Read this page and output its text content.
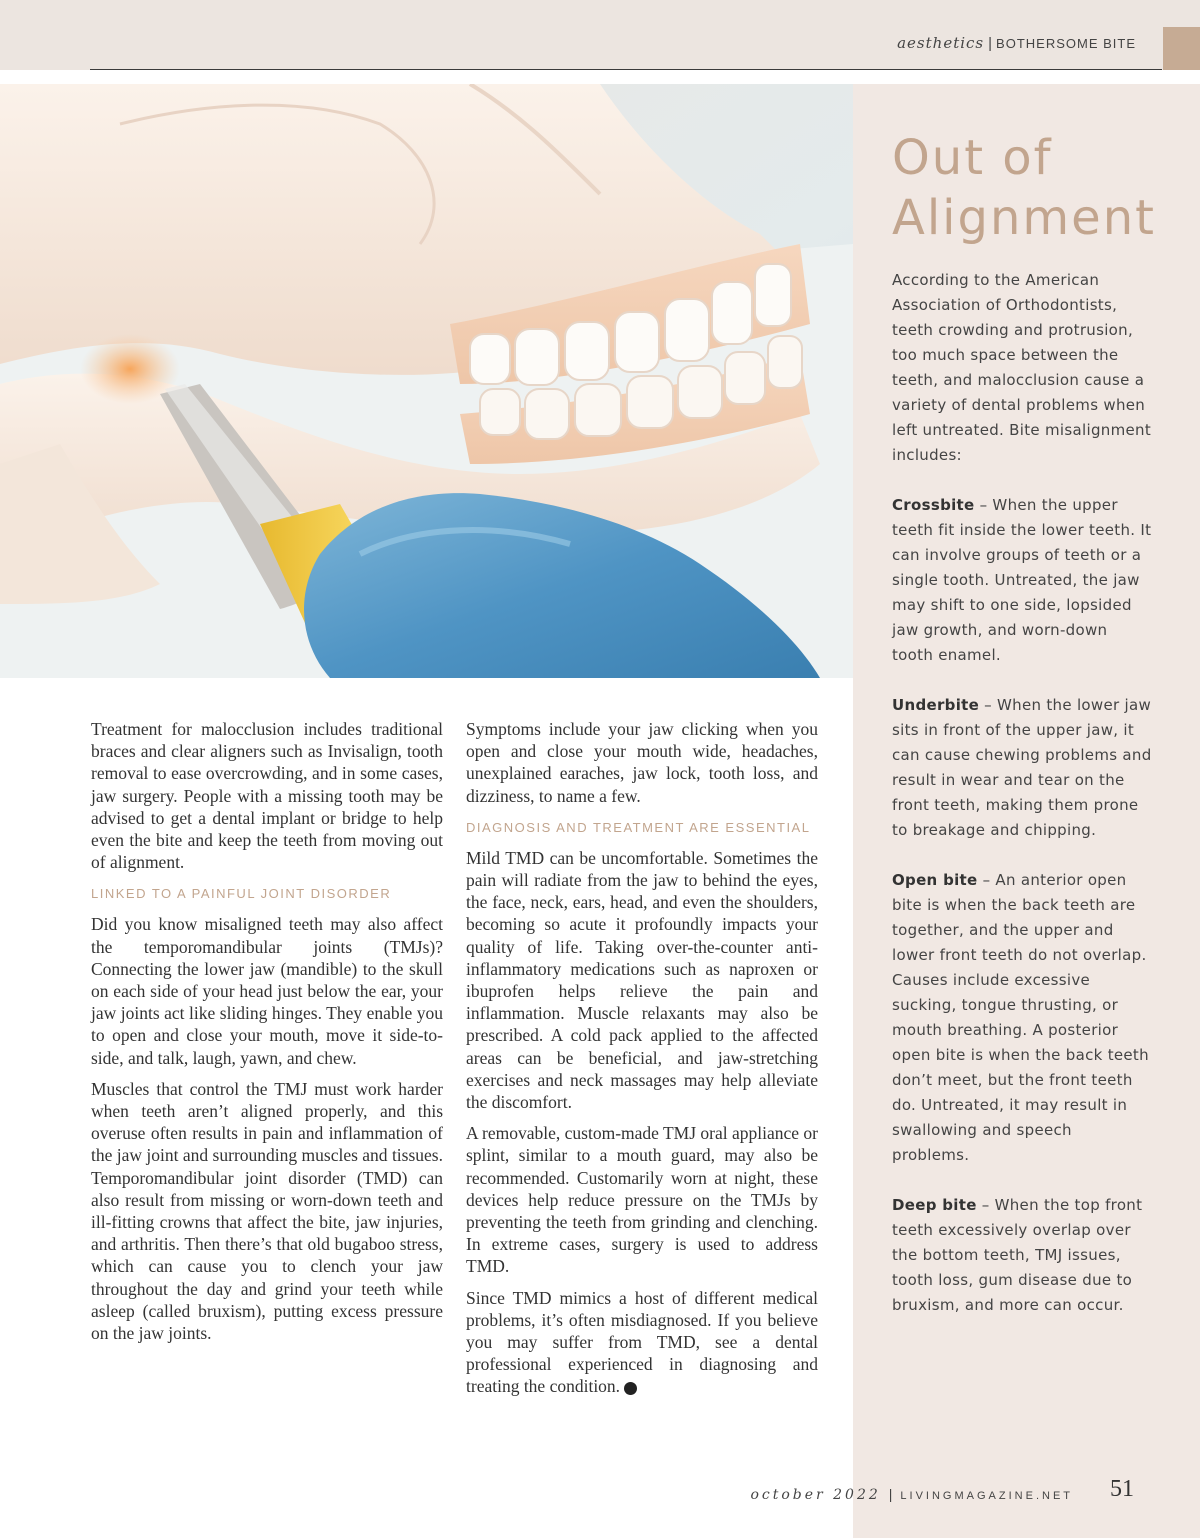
aesthetics | BOTHERSOME BITE
Out of
Alignment

According to the American Association of Orthodontists, teeth crowding and protrusion, too much space between the teeth, and malocclusion cause a variety of dental problems when left untreated. Bite misalignment includes:

Crossbite – When the upper teeth fit inside the lower teeth. It can involve groups of teeth or a single tooth. Untreated, the jaw may shift to one side, lopsided jaw growth, and worn-down tooth enamel.

Underbite – When the lower jaw sits in front of the upper jaw, it can cause chewing problems and result in wear and tear on the front teeth, making them prone to breakage and chipping.

Open bite – An anterior open bite is when the back teeth are together, and the upper and lower front teeth do not overlap. Causes include excessive sucking, tongue thrusting, or mouth breathing. A posterior open bite is when the back teeth don’t meet, but the front teeth do. Untreated, it may result in swallowing and speech problems.

Deep bite – When the top front teeth excessively overlap over the bottom teeth, TMJ issues, tooth loss, gum disease due to bruxism, and more can occur.

Treatment for malocclusion includes traditional braces and clear aligners such as Invisalign, tooth removal to ease overcrowding, and in some cases, jaw surgery. People with a missing tooth may be advised to get a dental implant or bridge to help even the bite and keep the teeth from moving out of alignment.

LINKED TO A PAINFUL JOINT DISORDER

Did you know misaligned teeth may also affect the temporomandibular joints (TMJs)? Connecting the lower jaw (mandible) to the skull on each side of your head just below the ear, your jaw joints act like sliding hinges. They enable you to open and close your mouth, move it side-to-side, and talk, laugh, yawn, and chew.

Muscles that control the TMJ must work harder when teeth aren’t aligned properly, and this overuse often results in pain and inflammation of the jaw joint and surrounding muscles and tissues. Temporomandibular joint disorder (TMD) can also result from missing or worn-down teeth and ill-fitting crowns that affect the bite, jaw injuries, and arthritis. Then there’s that old bugaboo stress, which can cause you to clench your jaw throughout the day and grind your teeth while asleep (called bruxism), putting excess pressure on the jaw joints.

Symptoms include your jaw clicking when you open and close your mouth wide, headaches, unexplained earaches, jaw lock, tooth loss, and dizziness, to name a few.

DIAGNOSIS AND TREATMENT ARE ESSENTIAL

Mild TMD can be uncomfortable. Sometimes the pain will radiate from the jaw to behind the eyes, the face, neck, ears, head, and even the shoulders, becoming so acute it profoundly impacts your quality of life. Taking over-the-counter anti-inflammatory medications such as naproxen or ibuprofen helps relieve the pain and inflammation. Muscle relaxants may also be prescribed. A cold pack applied to the affected areas can be beneficial, and jaw-stretching exercises and neck massages may help alleviate the discomfort.

A removable, custom-made TMJ oral appliance or splint, similar to a mouth guard, may also be recommended. Customarily worn at night, these devices help reduce pressure on the TMJs by preventing the teeth from grinding and clenching. In extreme cases, surgery is used to address TMD.

Since TMD mimics a host of different medical problems, it’s often misdiagnosed. If you believe you may suffer from TMD, see a dental professional experienced in diagnosing and treating the condition.

october 2022 | LIVINGMAGAZINE.NET 51
